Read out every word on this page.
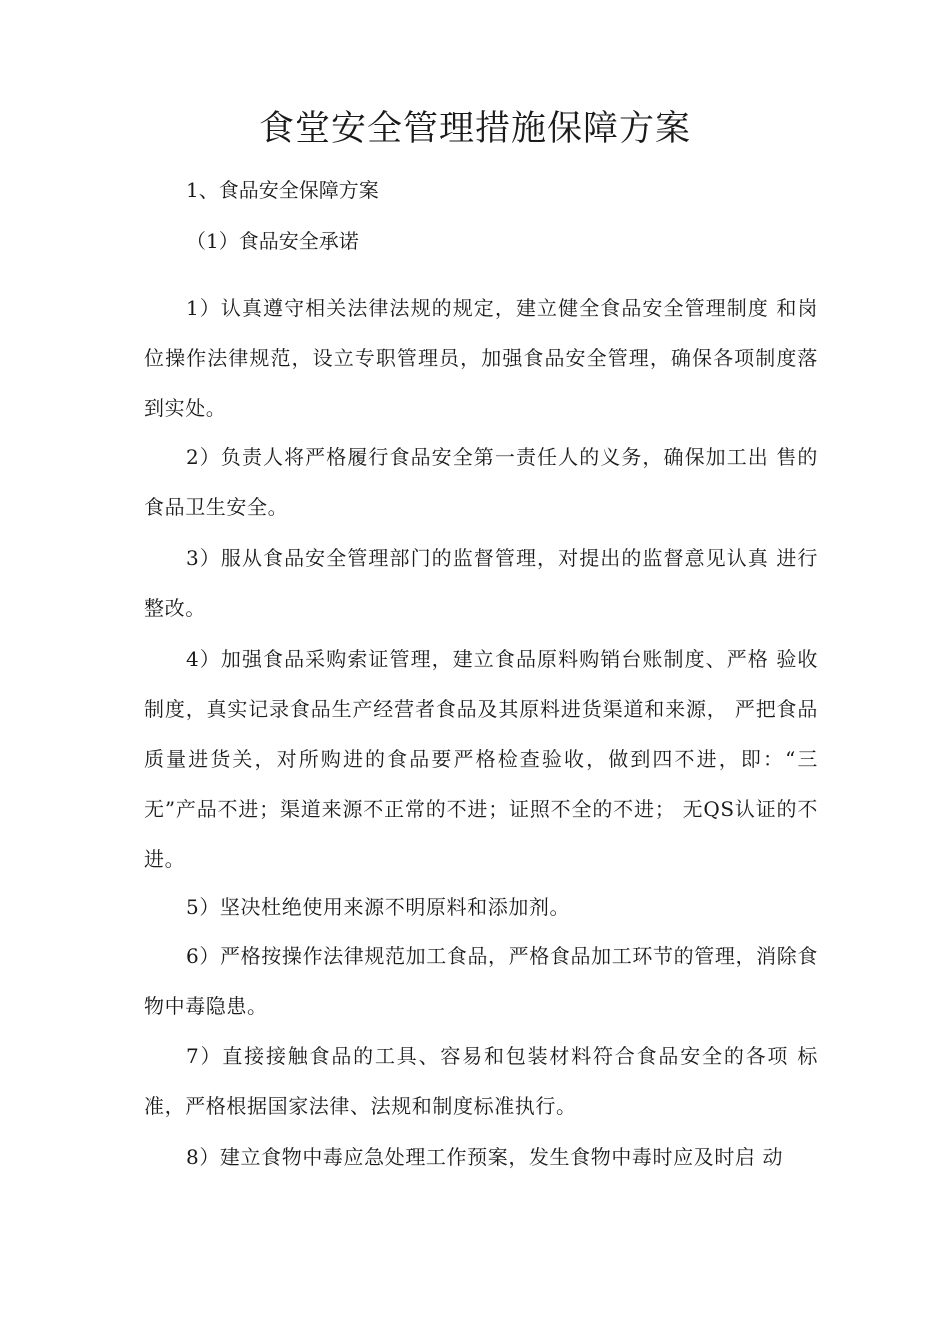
食堂安全管理措施保障方案

1、食品安全保障方案

（1）食品安全承诺

1）认真遵守相关法律法规的规定，建立健全食品安全管理制度 和岗位操作法律规范，设立专职管理员，加强食品安全管理，确保各项制度落到实处。

2）负责人将严格履行食品安全第一责任人的义务，确保加工出 售的食品卫生安全。

3）服从食品安全管理部门的监督管理，对提出的监督意见认真 进行整改。

4）加强食品采购索证管理，建立食品原料购销台账制度、严格 验收制度，真实记录食品生产经营者食品及其原料进货渠道和来源， 严把食品质量进货关，对所购进的食品要严格检查验收，做到四不进，即：“三无”产品不进；渠道来源不正常的不进；证照不全的不进； 无QS认证的不进。

5）坚决杜绝使用来源不明原料和添加剂。

6）严格按操作法律规范加工食品，严格食品加工环节的管理，消除食物中毒隐患。

7）直接接触食品的工具、容易和包装材料符合食品安全的各项 标准，严格根据国家法律、法规和制度标准执行。

8）建立食物中毒应急处理工作预案，发生食物中毒时应及时启 动
